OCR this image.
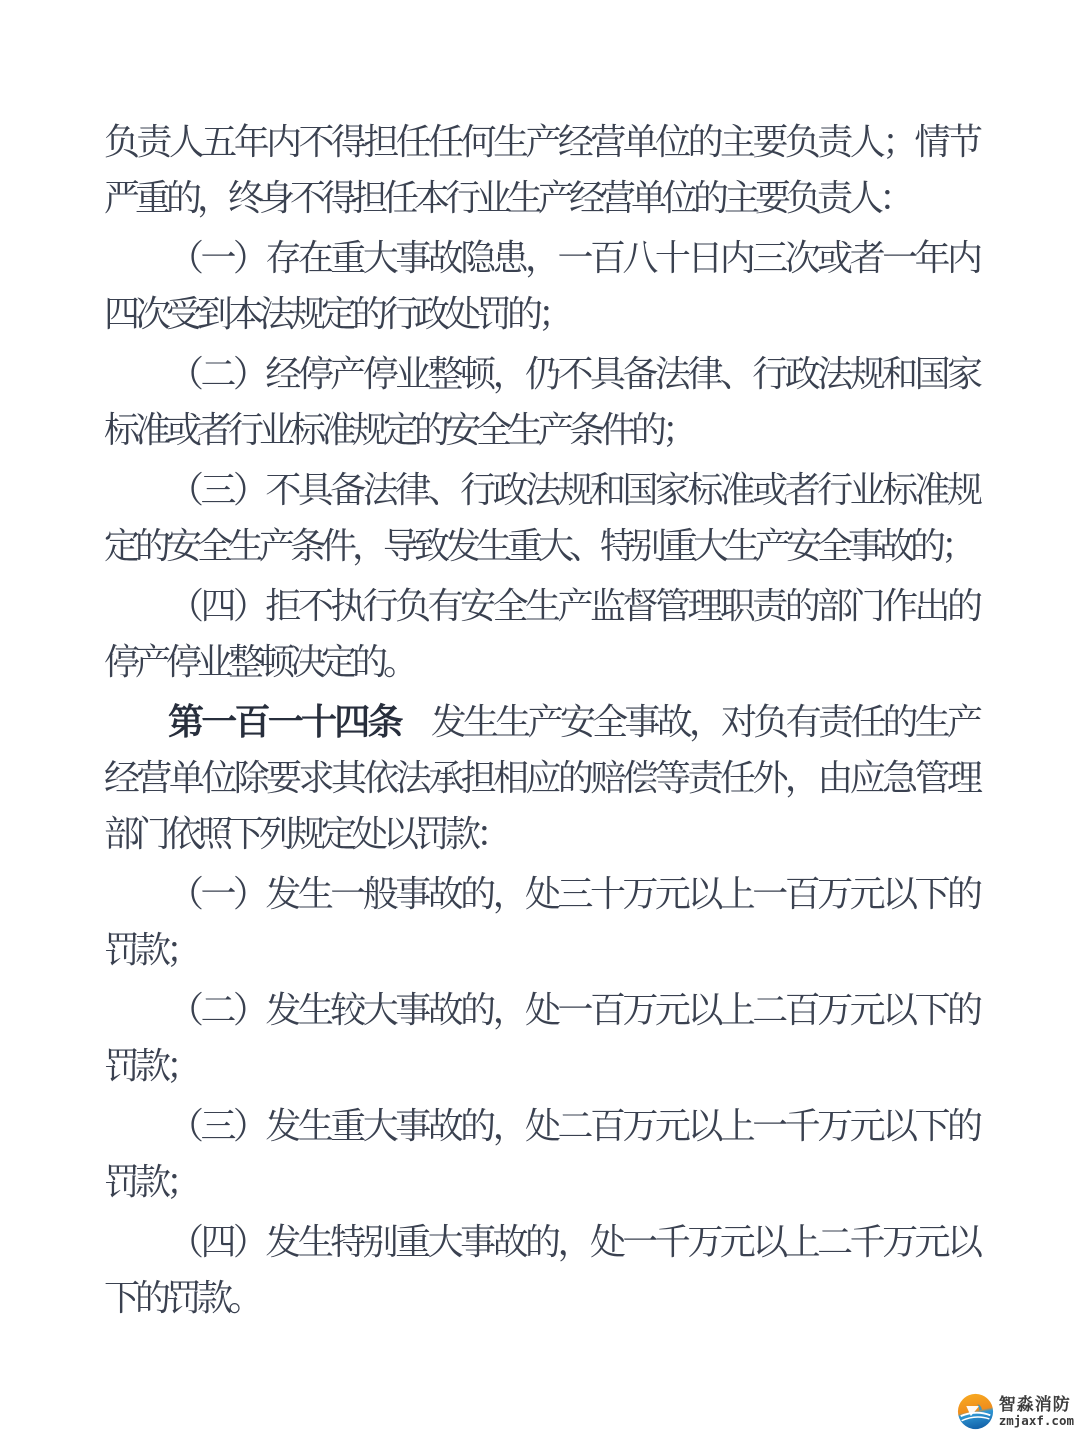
负责人五年内不得担任任何生产经营单位的主要负责人；情节
严重的，终身不得担任本行业生产经营单位的主要负责人：
（一）存在重大事故隐患，一百八十日内三次或者一年内
四次受到本法规定的行政处罚的；
（二）经停产停业整顿，仍不具备法律、行政法规和国家
标准或者行业标准规定的安全生产条件的；
（三）不具备法律、行政法规和国家标准或者行业标准规
定的安全生产条件，导致发生重大、特别重大生产安全事故的；
（四）拒不执行负有安全生产监督管理职责的部门作出的
停产停业整顿决定的。
第一百一十四条 发生生产安全事故，对负有责任的生产
经营单位除要求其依法承担相应的赔偿等责任外，由应急管理
部门依照下列规定处以罚款：
（一）发生一般事故的，处三十万元以上一百万元以下的
罚款；
（二）发生较大事故的，处一百万元以上二百万元以下的
罚款；
（三）发生重大事故的，处二百万元以上一千万元以下的
罚款；
（四）发生特别重大事故的，处一千万元以上二千万元以
下的罚款。
智淼消防
zmjaxf.com
